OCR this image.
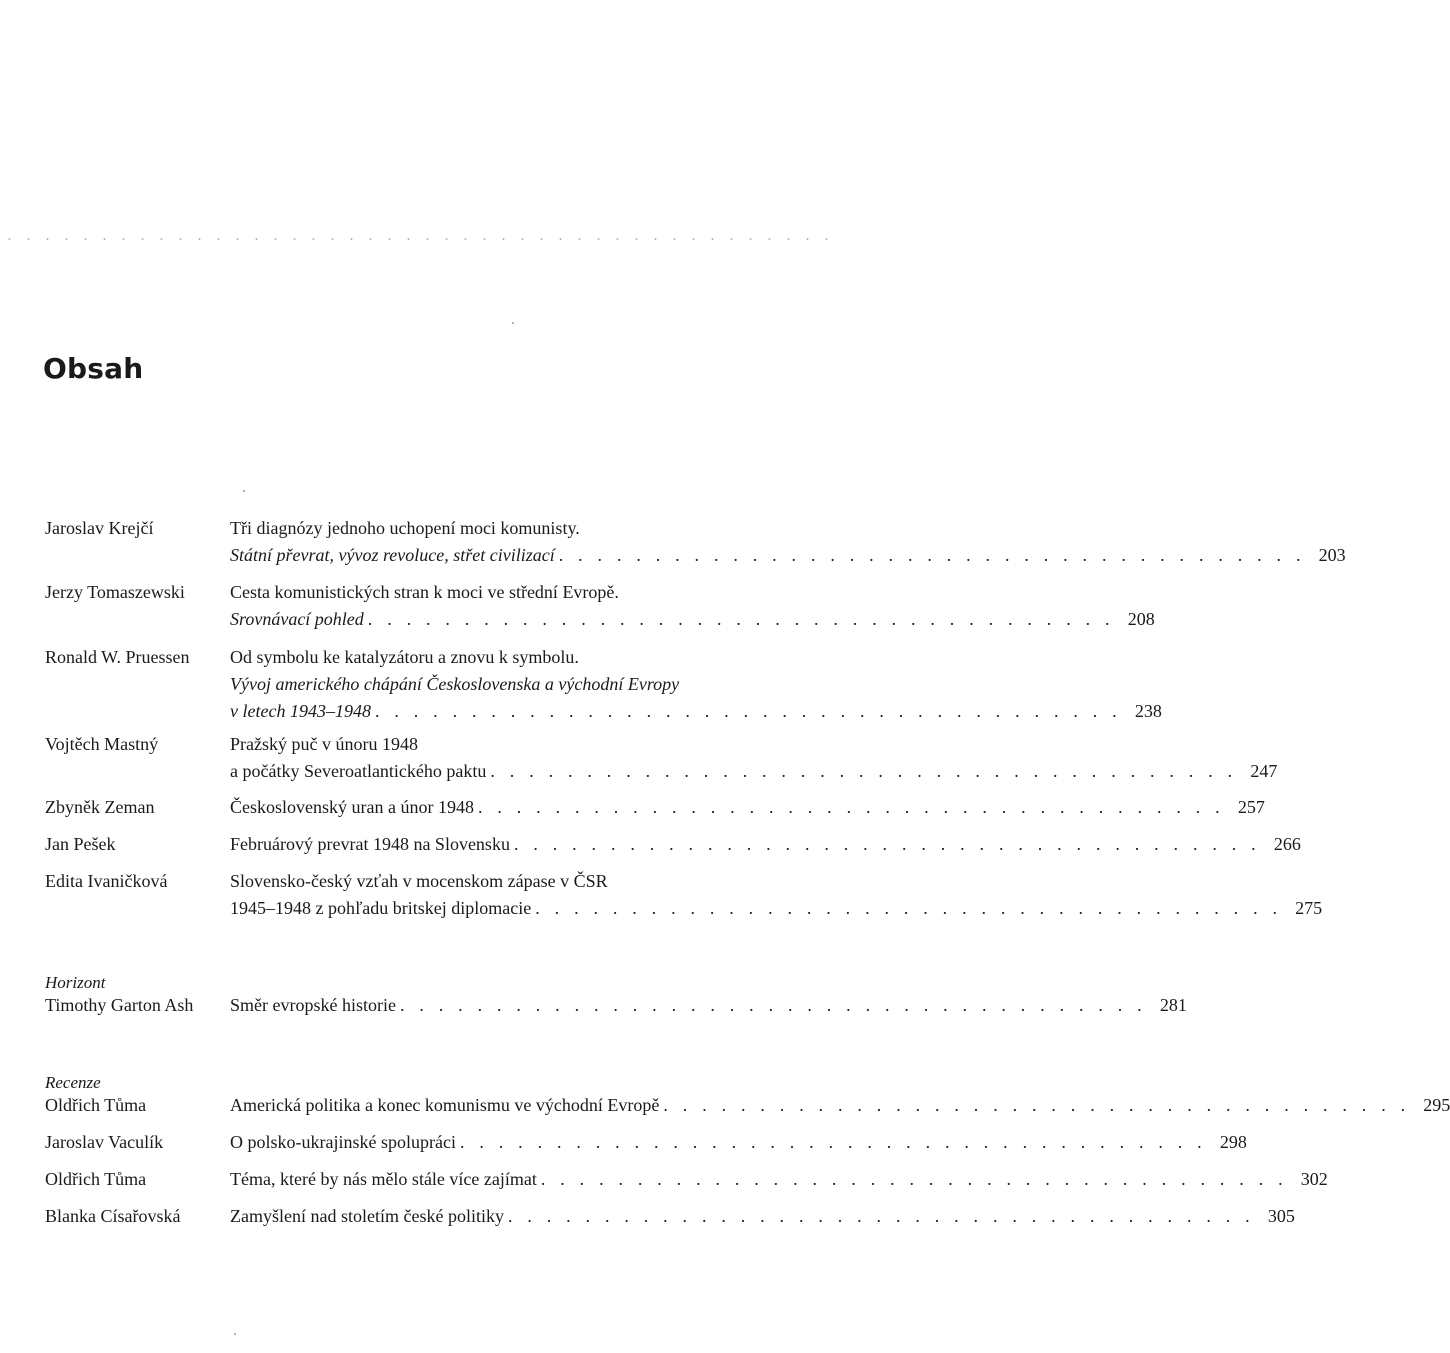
Obsah
Jaroslav Krejčí	Tři diagnózy jednoho uchopení moci komunisty.
Státní převrat, vývoz revoluce, střet civilizací . . . . . . . . . . . . . . . . . . . . . . . . . . . . . . . . . . . . . . . 203
Jerzy Tomaszewski	Cesta komunistických stran k moci ve střední Evropě.
Srovnávací pohled . . . . . . . . . . . . . . . . . . . . . . . . . . . . . . . . . . . . . . . 208
Ronald W. Pruessen Od symbolu ke katalyzátoru a znovu k symbolu.
Vývoj amerického chápání Československa a východní Evropy
v letech 1943–1948 . . . . . . . . . . . . . . . . . . . . . . . . . . . . . . . . . . . . . . . 238
Vojtěch Mastný	Pražský puč v únoru 1948
a počátky Severoatlantického paktu . . . . . . . . . . . . . . . . . . . . . . . . . . . . . . . . . . . . . . . 247
Zbyněk Zeman	Československý uran a únor 1948 . . . . . . . . . . . . . . . . . . . . . . . . . . . . . . . . . . . . . . . 257
Jan Pešek	Februárový prevrat 1948 na Slovensku . . . . . . . . . . . . . . . . . . . . . . . . . . . . . . . . . . . . . . . 266
Edita Ivaničková	Slovensko-český vzťah v mocenskom zápase v ČSR
1945–1948 z pohľadu britskej diplomacie . . . . . . . . . . . . . . . . . . . . . . . . . . . . . . . . . . . . . . . 275
Horizont
Timothy Garton Ash Směr evropské historie . . . . . . . . . . . . . . . . . . . . . . . . . . . . . . . . . . . . . . . 281
Recenze
Oldřich Tůma	Americká politika a konec komunismu ve východní Evropě . . . . . . . . . . . . . . . . . . . . . . . . . . . . . . . . . . . . . . . 295
Jaroslav Vaculík	O polsko-ukrajinské spolupráci . . . . . . . . . . . . . . . . . . . . . . . . . . . . . . . . . . . . . . . 298
Oldřich Tůma	Téma, které by nás mělo stále více zajímat . . . . . . . . . . . . . . . . . . . . . . . . . . . . . . . . . . . . . . . 302
Blanka Císařovská	Zamyšlení nad stoletím české politiky . . . . . . . . . . . . . . . . . . . . . . . . . . . . . . . . . . . . . . . 305
